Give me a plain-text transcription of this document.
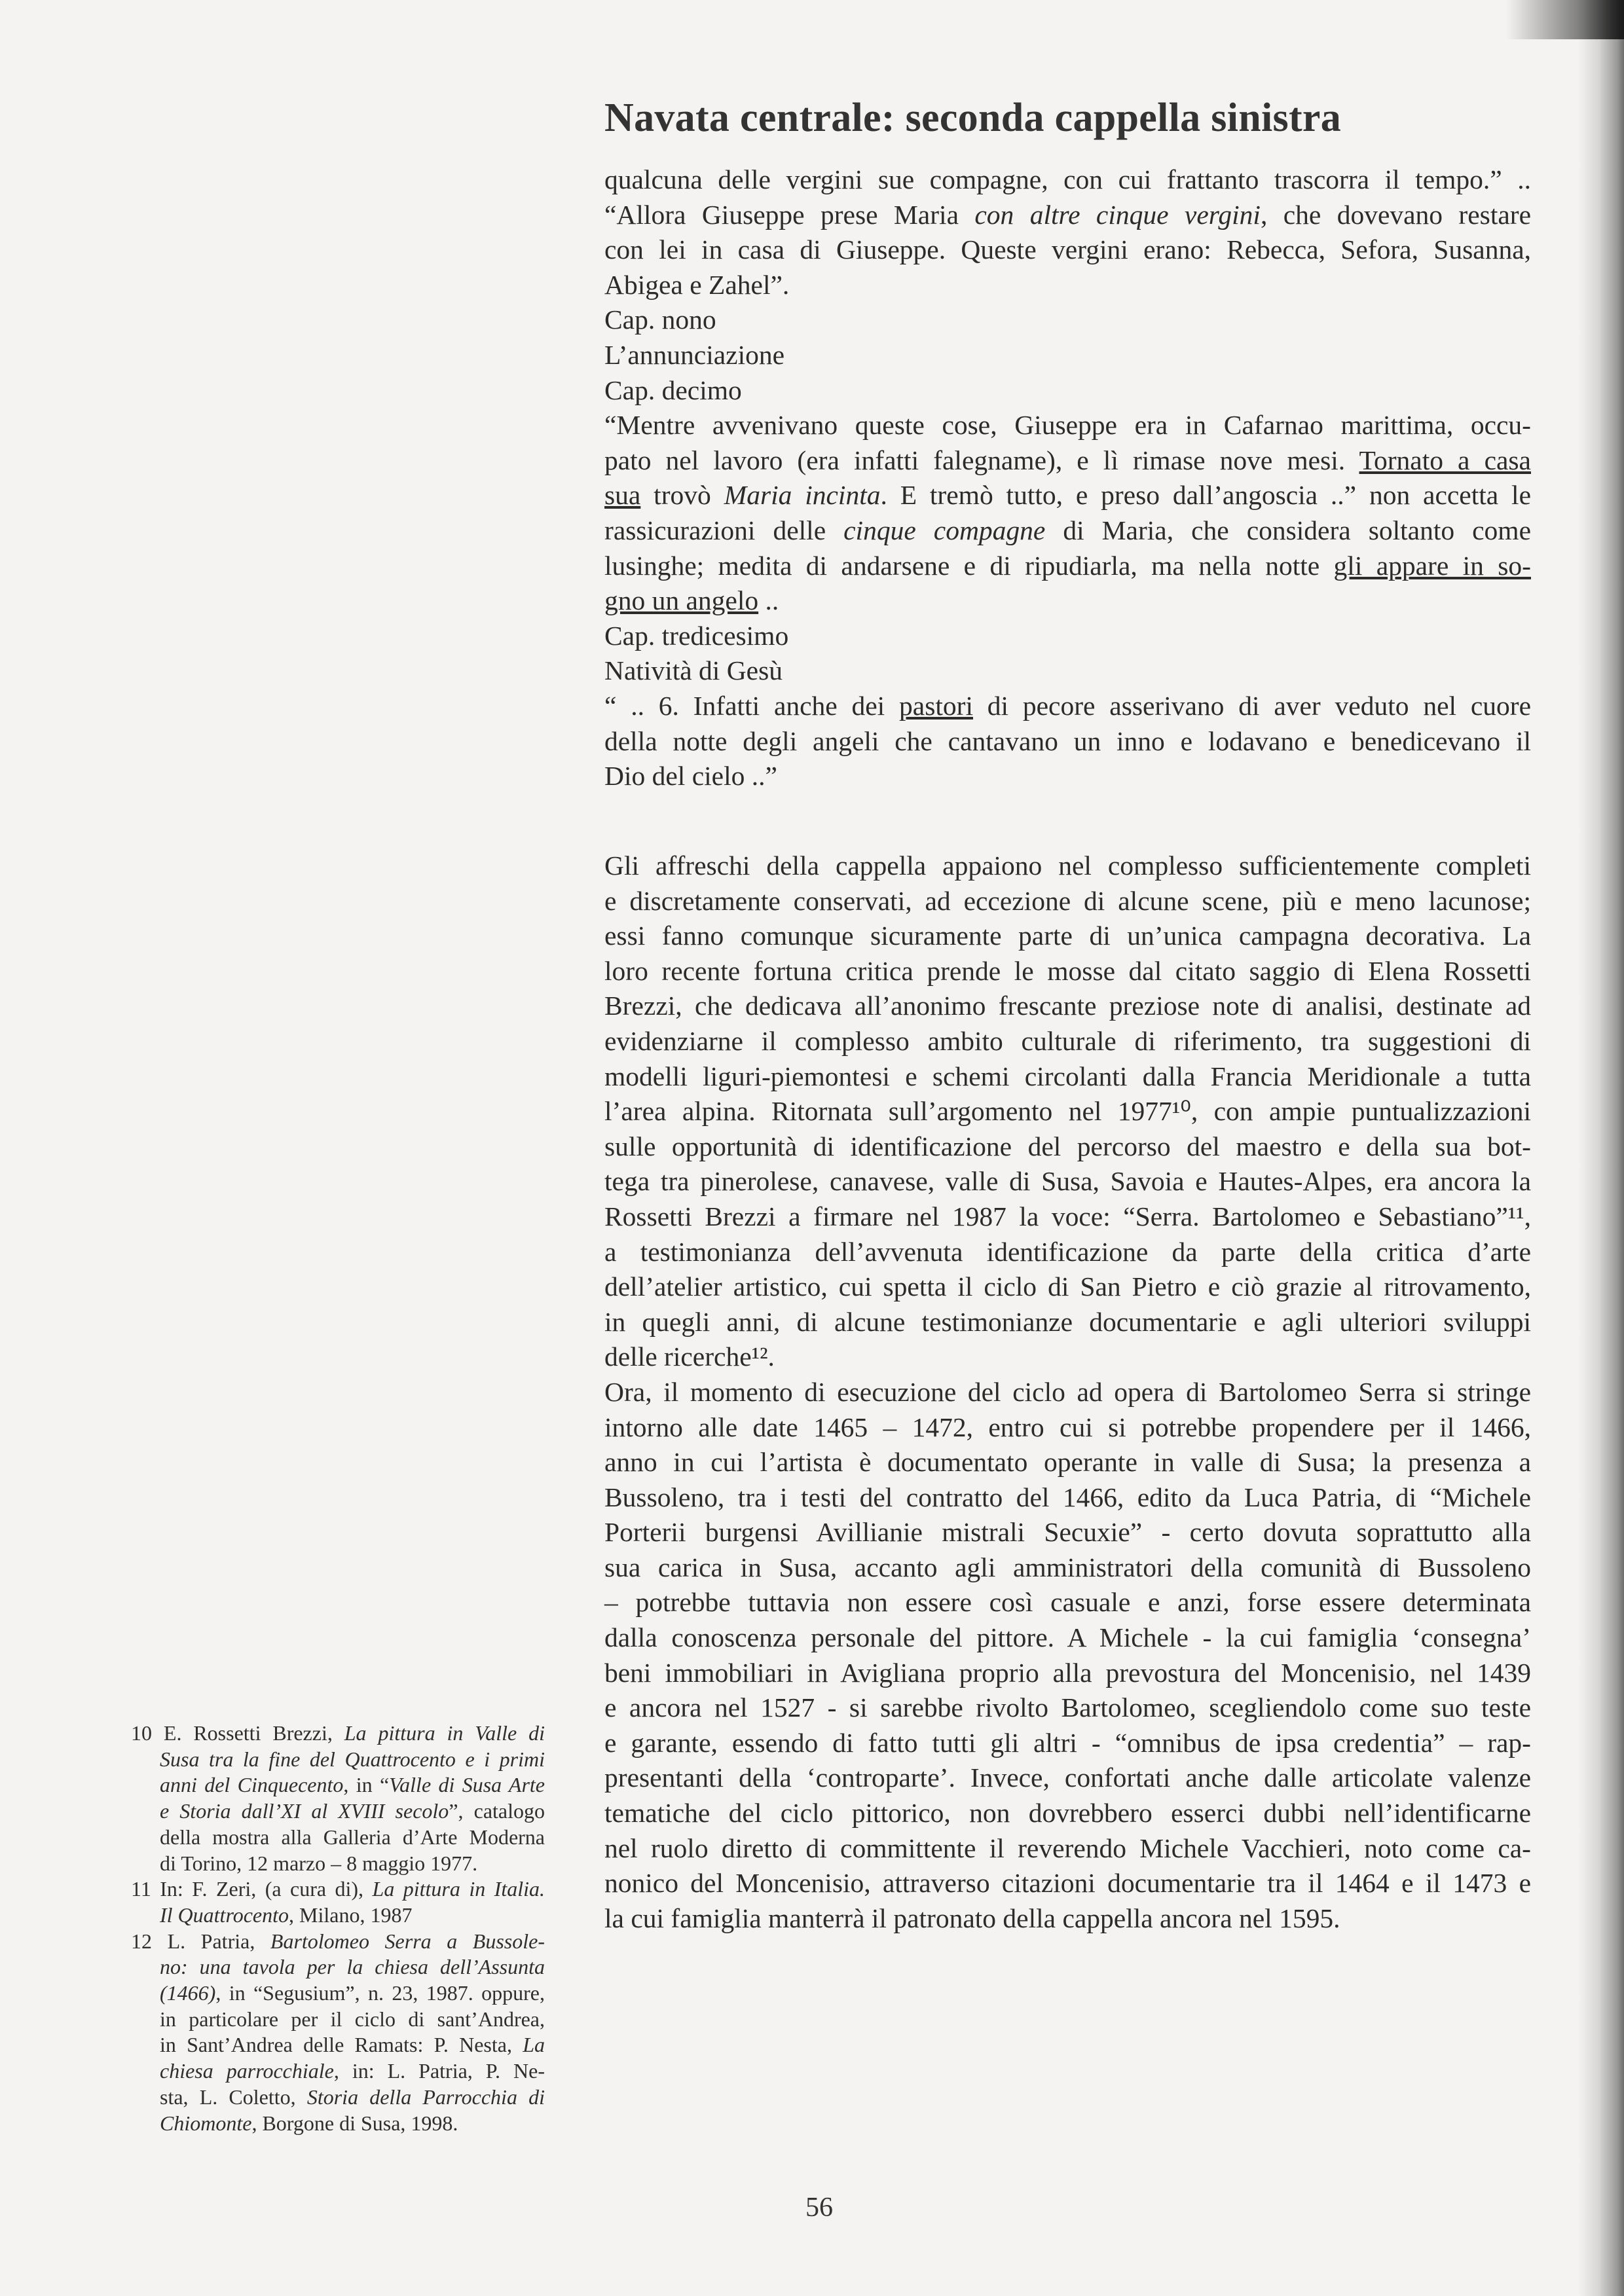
Navata centrale: seconda cappella sinistra
qualcuna delle vergini sue compagne, con cui frattanto trascorra il tempo.” ..
“Allora Giuseppe prese Maria con altre cinque vergini, che dovevano restare
con lei in casa di Giuseppe. Queste vergini erano: Rebecca, Sefora, Susanna,
Abigea e Zahel”.
Cap. nono
L’annunciazione
Cap. decimo
“Mentre avvenivano queste cose, Giuseppe era in Cafarnao marittima, occu-
pato nel lavoro (era infatti falegname), e lì rimase nove mesi. Tornato a casa
sua trovò Maria incinta. E tremò tutto, e preso dall’angoscia ..” non accetta le
rassicurazioni delle cinque compagne di Maria, che considera soltanto come
lusinghe; medita di andarsene e di ripudiarla, ma nella notte gli appare in so-
gno un angelo ..
Cap. tredicesimo
Natività di Gesù
“ .. 6. Infatti anche dei pastori di pecore asserivano di aver veduto nel cuore
della notte degli angeli che cantavano un inno e lodavano e benedicevano il
Dio del cielo ..”
Gli affreschi della cappella appaiono nel complesso sufficientemente completi
e discretamente conservati, ad eccezione di alcune scene, più e meno lacunose;
essi fanno comunque sicuramente parte di un’unica campagna decorativa. La
loro recente fortuna critica prende le mosse dal citato saggio di Elena Rossetti
Brezzi, che dedicava all’anonimo frescante preziose note di analisi, destinate ad
evidenziarne il complesso ambito culturale di riferimento, tra suggestioni di
modelli liguri-piemontesi e schemi circolanti dalla Francia Meridionale a tutta
l’area alpina. Ritornata sull’argomento nel 1977¹⁰, con ampie puntualizzazioni
sulle opportunità di identificazione del percorso del maestro e della sua bot-
tega tra pinerolese, canavese, valle di Susa, Savoia e Hautes-Alpes, era ancora la
Rossetti Brezzi a firmare nel 1987 la voce: “Serra. Bartolomeo e Sebastiano”¹¹,
a testimonianza dell’avvenuta identificazione da parte della critica d’arte
dell’atelier artistico, cui spetta il ciclo di San Pietro e ciò grazie al ritrovamento,
in quegli anni, di alcune testimonianze documentarie e agli ulteriori sviluppi
delle ricerche¹².
Ora, il momento di esecuzione del ciclo ad opera di Bartolomeo Serra si stringe
intorno alle date 1465 – 1472, entro cui si potrebbe propendere per il 1466,
anno in cui l’artista è documentato operante in valle di Susa; la presenza a
Bussoleno, tra i testi del contratto del 1466, edito da Luca Patria, di “Michele
Porterii burgensi Avillianie mistrali Secuxie” - certo dovuta soprattutto alla
sua carica in Susa, accanto agli amministratori della comunità di Bussoleno
– potrebbe tuttavia non essere così casuale e anzi, forse essere determinata
dalla conoscenza personale del pittore. A Michele - la cui famiglia ‘consegna’
beni immobiliari in Avigliana proprio alla prevostura del Moncenisio, nel 1439
e ancora nel 1527 - si sarebbe rivolto Bartolomeo, scegliendolo come suo teste
e garante, essendo di fatto tutti gli altri - “omnibus de ipsa credentia” – rap-
presentanti della ‘controparte’. Invece, confortati anche dalle articolate valenze
tematiche del ciclo pittorico, non dovrebbero esserci dubbi nell’identificarne
nel ruolo diretto di committente il reverendo Michele Vacchieri, noto come ca-
nonico del Moncenisio, attraverso citazioni documentarie tra il 1464 e il 1473 e
la cui famiglia manterrà il patronato della cappella ancora nel 1595.
10 E. Rossetti Brezzi, La pittura in Valle di
Susa tra la fine del Quattrocento e i primi
anni del Cinquecento, in “Valle di Susa Arte
e Storia dall’XI al XVIII secolo”, catalogo
della mostra alla Galleria d’Arte Moderna
di Torino, 12 marzo – 8 maggio 1977.
11 In: F. Zeri, (a cura di), La pittura in Italia.
Il Quattrocento, Milano, 1987
12 L. Patria, Bartolomeo Serra a Bussole-
no: una tavola per la chiesa dell’Assunta
(1466), in “Segusium”, n. 23, 1987. oppure,
in particolare per il ciclo di sant’Andrea,
in Sant’Andrea delle Ramats: P. Nesta, La
chiesa parrocchiale, in: L. Patria, P. Ne-
sta, L. Coletto, Storia della Parrocchia di
Chiomonte, Borgone di Susa, 1998.
56
